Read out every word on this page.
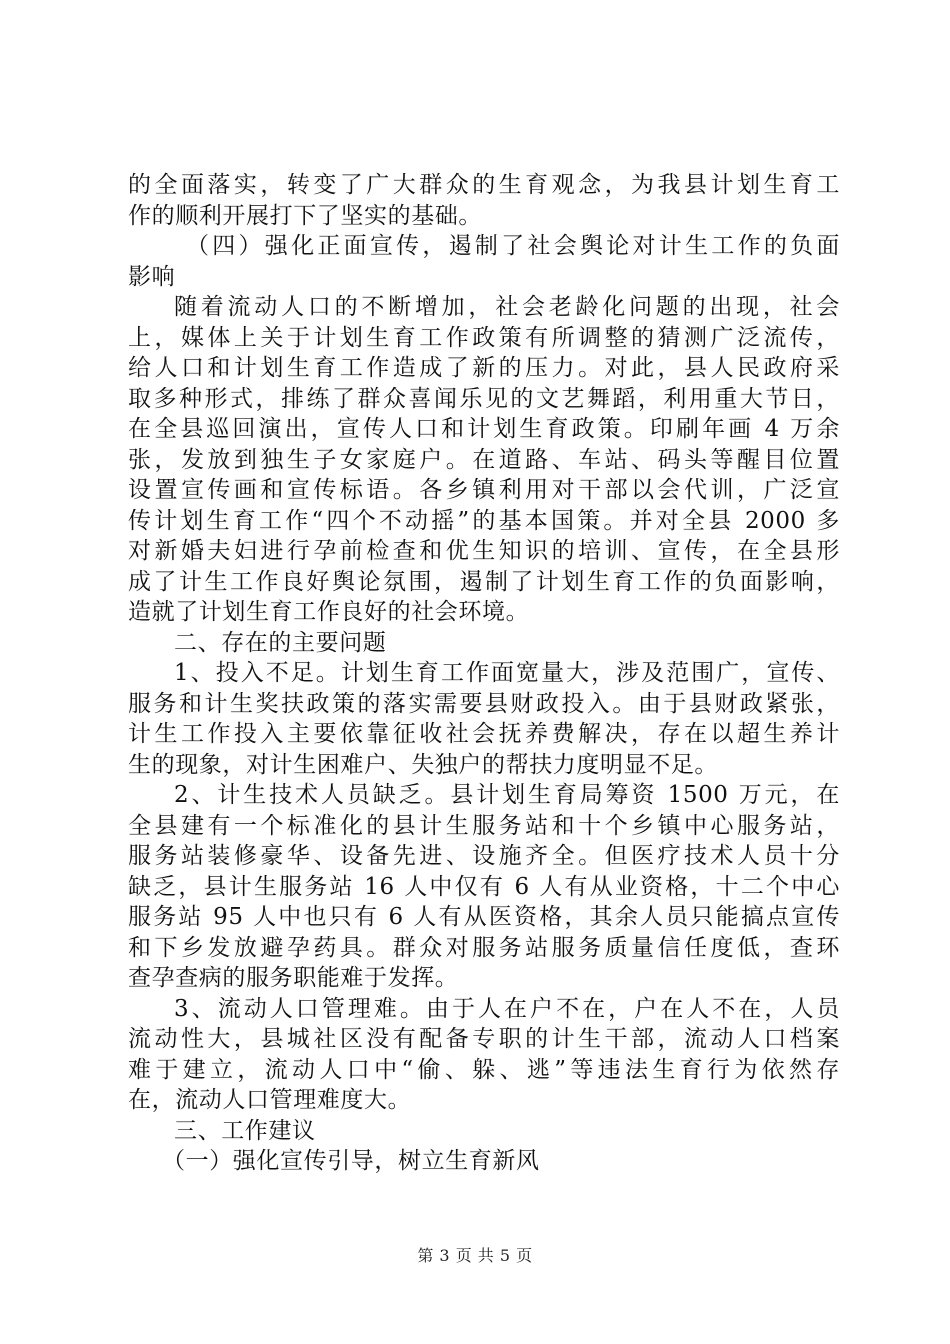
的全面落实，转变了广大群众的生育观念，为我县计划生育工
作的顺利开展打下了坚实的基础。
（四）强化正面宣传，遏制了社会舆论对计生工作的负面
影响
随着流动人口的不断增加，社会老龄化问题的出现，社会
上，媒体上关于计划生育工作政策有所调整的猜测广泛流传，
给人口和计划生育工作造成了新的压力。对此，县人民政府采
取多种形式，排练了群众喜闻乐见的文艺舞蹈，利用重大节日，
在全县巡回演出，宣传人口和计划生育政策。印刷年画 4 万余
张，发放到独生子女家庭户。在道路、车站、码头等醒目位置
设置宣传画和宣传标语。各乡镇利用对干部以会代训，广泛宣
传计划生育工作“四个不动摇”的基本国策。并对全县 2000 多
对新婚夫妇进行孕前检查和优生知识的培训、宣传，在全县形
成了计生工作良好舆论氛围，遏制了计划生育工作的负面影响，
造就了计划生育工作良好的社会环境。
二、存在的主要问题
1、投入不足。计划生育工作面宽量大，涉及范围广，宣传、
服务和计生奖扶政策的落实需要县财政投入。由于县财政紧张，
计生工作投入主要依靠征收社会抚养费解决，存在以超生养计
生的现象，对计生困难户、失独户的帮扶力度明显不足。
2、计生技术人员缺乏。县计划生育局筹资 1500 万元，在
全县建有一个标准化的县计生服务站和十个乡镇中心服务站，
服务站装修豪华、设备先进、设施齐全。但医疗技术人员十分
缺乏，县计生服务站 16 人中仅有 6 人有从业资格，十二个中心
服务站 95 人中也只有 6 人有从医资格，其余人员只能搞点宣传
和下乡发放避孕药具。群众对服务站服务质量信任度低，查环
查孕查病的服务职能难于发挥。
3、流动人口管理难。由于人在户不在，户在人不在，人员
流动性大，县城社区没有配备专职的计生干部，流动人口档案
难于建立，流动人口中“偷、躲、逃”等违法生育行为依然存
在，流动人口管理难度大。
三、工作建议
（一）强化宣传引导，树立生育新风
第 3 页 共 5 页
